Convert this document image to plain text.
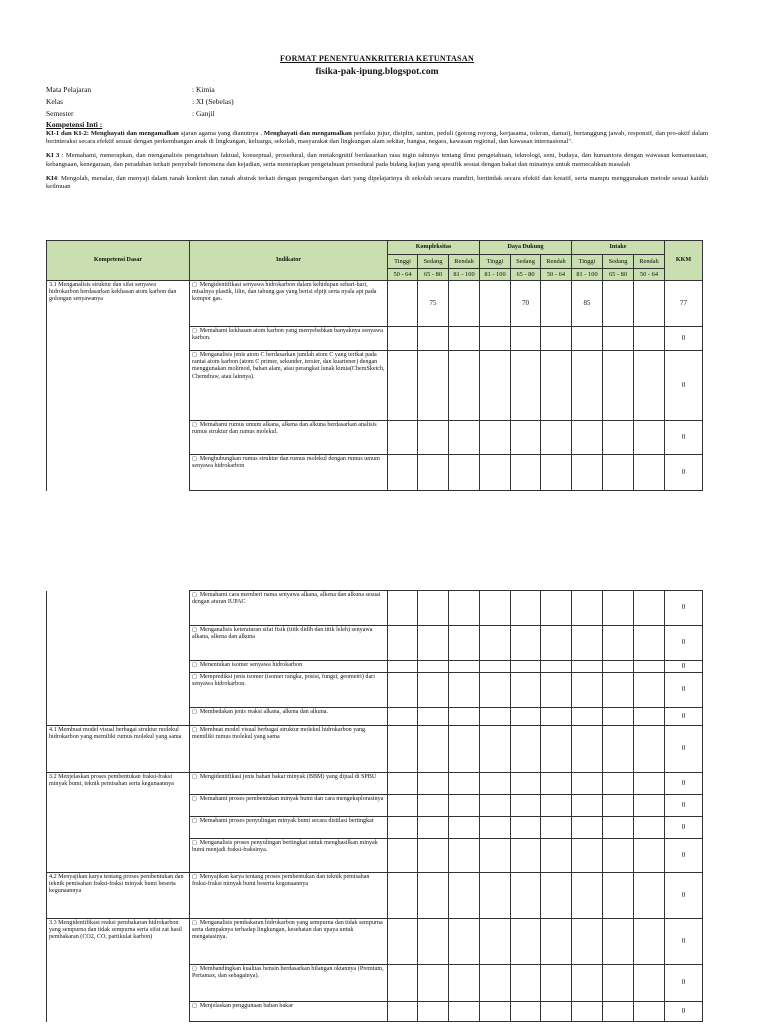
FORMAT PENENTUANKRITERIA KETUNTASAN
fisika-pak-ipung.blogspot.com
Mata Pelajaran	: Kimia
Kelas	: XI (Sebelas)
Semester	: Ganjil
Kompetensi Inti :
KI-1 dan KI-2: Menghayati dan mengamalkan ajaran agama yang dianutnya . Menghayati dan mengamalkan perilaku jujur, disiplin, santun, peduli (gotong royong, kerjasama, toleran, damai), bertanggung jawab, responsif, dan pro-aktif dalam berinteraksi secara efektif sesuai dengan perkembangan anak di lingkungan, keluarga, sekolah, masyarakat dan lingkungan alam sekitar, bangsa, negara, kawasan regional, dan kawasan internasional".
KI 3 : Memahami, menerapkan, dan menganalisis pengetahuan faktual, konseptual, prosedural, dan metakognitif berdasarkan rasa ingin tahunya tentang ilmu pengetahuan, teknologi, seni, budaya, dan humaniora dengan wawasan kemanusiaan, kebangsaan, kenegaraan, dan peradaban terkait penyebab fenomena dan kejadian, serta menerapkan pengetahuan prosedural pada bidang kajian yang spesifik sesuai dengan bakat dan minatnya untuk memecahkan masalah
KI4: Mengolah, menalar, dan menyaji dalam ranah konkret dan ranah abstrak terkait dengan pengembangan dari yang dipelajarinya di sekolah secara mandiri, bertindak secara efektif dan kreatif, serta mampu menggunakan metode sesuai kaidah keilmuan
Kompetensi Dasar	Indikator	Kompleksitas			Daya Dukung			Intake			KKM
		Tinggi	Sedang	Rendah	Tinggi	Sedang	Rendah	Tinggi	Sedang	Rendah	
		50 - 64	65 - 80	81 - 100	81 - 100	65 - 80	50 - 64	81 - 100	65 - 80	50 - 64	
3.1 Menganalisis struktur dan sifat senyawa hidrokarbon berdasarkan kekhasan atom karbon dan golongan senyawanya	□ Mengidentifikasi senyawa hidrokarbon dalam kehidupan sehari-hari, misalnya plastik, lilin, dan tabung gas yang berisi elpiji serta nyala api pada kompor gas.		75			70		85			77
	□ Memahami kekhasan atom karbon yang menyebabkan banyaknya senyawa karbon.										0
	□ Menganalisis jenis atom C berdasarkan jumlah atom C yang terikat pada rantai atom karbon (atom C primer, sekunder, tersier, dan kuartener) dengan menggunakan molimod, bahan alam, atau perangkat lunak kimia(ChemSketch, Chemdraw, atau lainnya).										0
	□ Memahami rumus umum alkana, alkena dan alkuna berdasarkan analisis rumus struktur dan rumus molekul.										0
	□ Menghubungkan rumus struktur dan rumus molekul dengan rumus umum senyawa hidrokarbon										0
	□ Memahami cara memberi nama senyawa alkana, alkena dan alkuna sesuai dengan aturan IUPAC										0
	□ Menganalisis keteraturan sifat fisik (titik didih dan titik leleh) senyawa alkana, alkena dan alkuna										0
	□ Menentukan isomer senyawa hidrokarbon										0
	□ Memprediksi jenis isomer (isomer rangka, posisi, fungsi, geometri) dari senyawa hidrokarbon.										0
	□ Membedakan jenis reaksi alkana, alkena dan alkuna.										0
4.1 Membuat model visual berbagai struktur molekul hidrokarbon yang memiliki rumus molekul yang sama	□ Membuat model visual berbagai struktur molekul hidrokarbon yang memiliki rumus molekul yang sama										0
3.2 Menjelaskan proses pembentukan fraksi-fraksi minyak bumi, teknik pemisahan serta kegunaannya	□ Mengidentifikasi jenis bahan bakar minyak (BBM) yang dijual di SPBU										0
	□ Memahami proses pembentukan minyak bumi dan cara mengeksplorasinya										0
	□ Memahami proses penyulingan minyak bumi secara distilasi bertingkat										0
	□ Menganalisis proses penyulingan bertingkat untuk menghasilkan minyak bumi menjadi fraksi-fraksinya.										0
4.2 Menyajikan karya tentang proses pembentukan dan teknik pemisahan fraksi-fraksi minyak bumi beserta kegunaannya	□ Menyajikan karya tentang proses pembentukan dan teknik pemisahan fraksi-fraksi minyak bumi beserta kegunaannya										0
3.3 Mengidentifikasi reaksi pembakaran hidrokarbon yang sempurna dan tidak sempurna serta sifat zat hasil pembakaran (CO2, CO, partikulat karbon)	□ Menganalisis pembakaran hidrokarbon yang sempurna dan tidak sempurna serta dampaknya terhadap lingkungan, kesehatan dan upaya untuk mengatasinya.										0
	□ Membandingkan kualitas bensin berdasarkan bilangan oktannya (Premium, Pertamax, dan sebagainya).										0
	□ Menjelaskan penggunaan bahan bakar										0
